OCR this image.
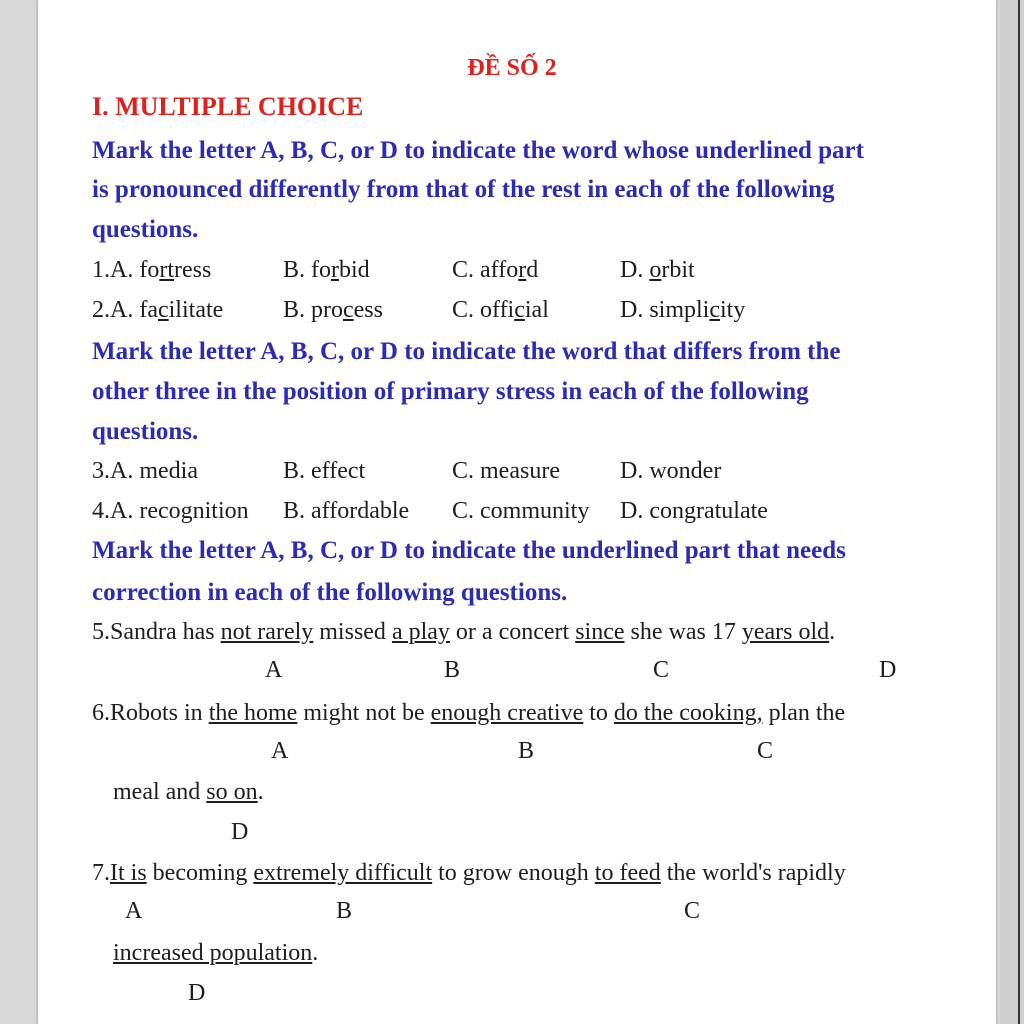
ĐỀ SỐ 2
I. MULTIPLE CHOICE
Mark the letter A, B, C, or D to indicate the word whose underlined part
is pronounced differently from that of the rest in each of the following
questions.
1.A. fortress	B. forbid	C. afford	D. orbit
2.A. facilitate B. process	C. official	D. simplicity
Mark the letter A, B, C, or D to indicate the word that differs from the
other three in the position of primary stress in each of the following
questions.
3.A. media	B. effect	C. measure	D. wonder
4.A. recognition B. affordable C. community D. congratulate
Mark the letter A, B, C, or D to indicate the underlined part that needs
correction in each of the following questions.
5.Sandra has not rarely missed a play or a concert since she was 17 years old.
A	B	C	D
6.Robots in the home might not be enough creative to do the cooking, plan the
A	B	C
meal and so on.
D
7.It is becoming extremely difficult to grow enough to feed the world's rapidly
A	B	C
increased population.
D
